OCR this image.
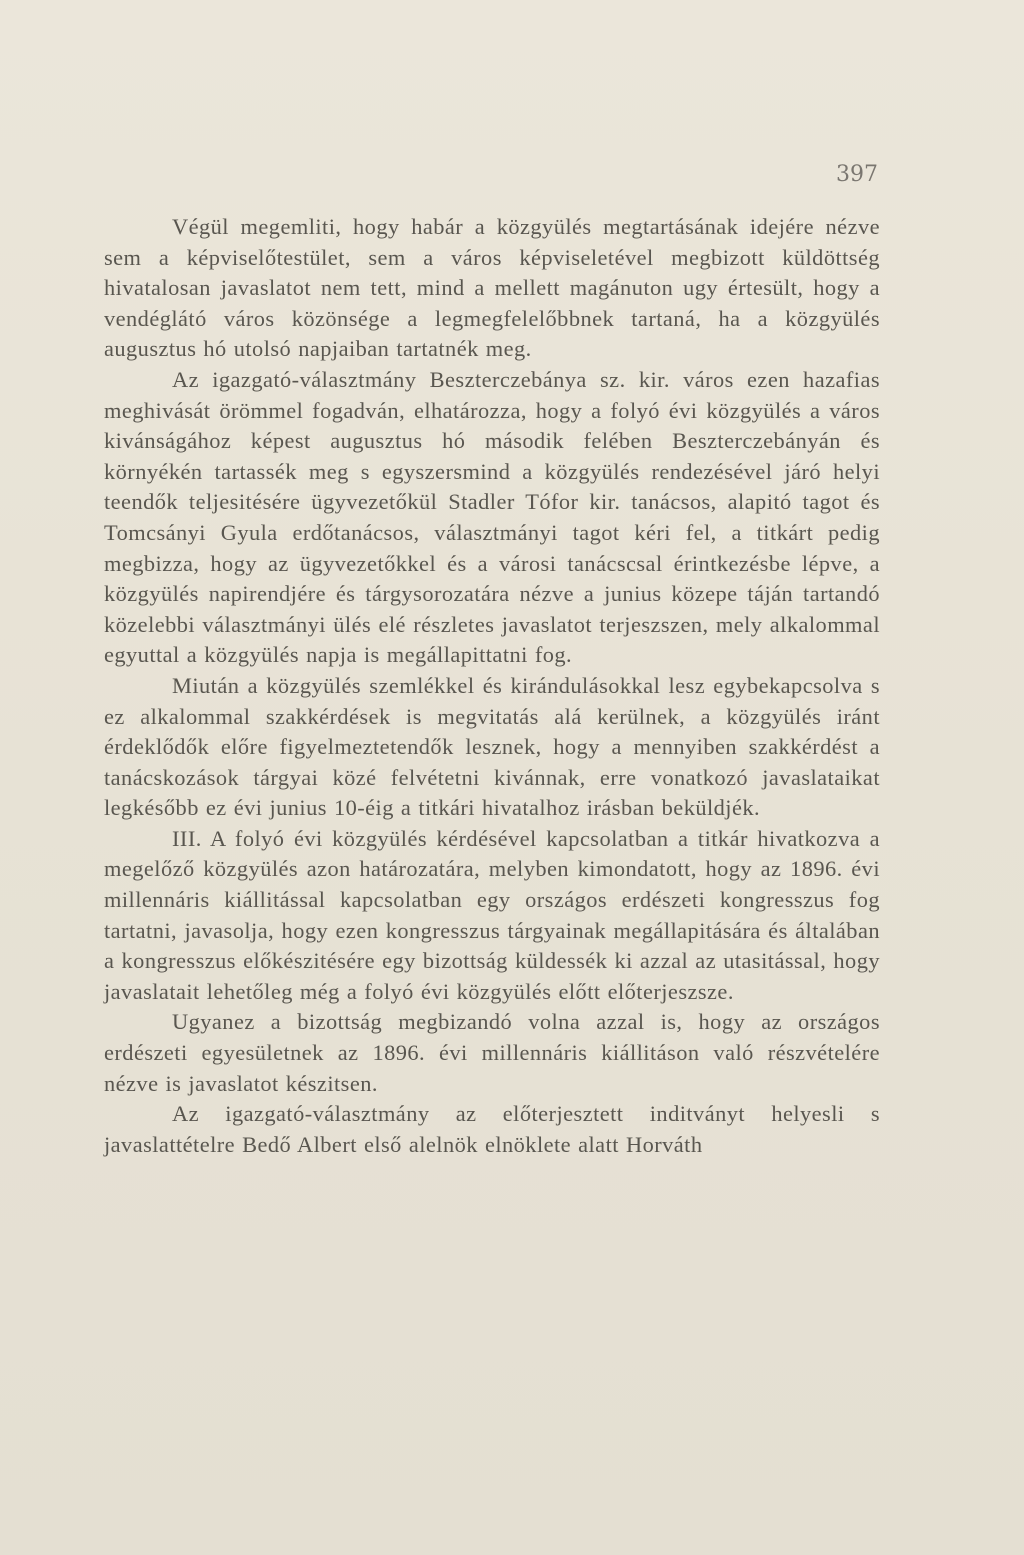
397

Végül megemliti, hogy habár a közgyülés megtartásának idejére nézve sem a képviselőtestület, sem a város képviseletével megbizott küldöttség hivatalosan javaslatot nem tett, mind a mellett magánuton ugy értesült, hogy a vendéglátó város közönsége a legmegfelelőbbnek tartaná, ha a közgyülés augusztus hó utolsó napjaiban tartatnék meg.

Az igazgató-választmány Beszterczebánya sz. kir. város ezen hazafias meghivását örömmel fogadván, elhatározza, hogy a folyó évi közgyülés a város kivánságához képest augusztus hó második felében Beszterczebányán és környékén tartassék meg s egyszersmind a közgyülés rendezésével járó helyi teendők teljesitésére ügyvezetőkül Stadler Tófor kir. tanácsos, alapitó tagot és Tomcsányi Gyula erdőtanácsos, választmányi tagot kéri fel, a titkárt pedig megbizza, hogy az ügyvezetőkkel és a városi tanácscsal érintkezésbe lépve, a közgyülés napirendjére és tárgysorozatára nézve a junius közepe táján tartandó közelebbi választmányi ülés elé részletes javaslatot terjeszszen, mely alkalommal egyuttal a közgyülés napja is megállapittatni fog.

Miután a közgyülés szemlékkel és kirándulásokkal lesz egybekapcsolva s ez alkalommal szakkérdések is megvitatás alá kerülnek, a közgyülés iránt érdeklődők előre figyelmeztetendők lesznek, hogy a mennyiben szakkérdést a tanácskozások tárgyai közé felvétetni kivánnak, erre vonatkozó javaslataikat legkésőbb ez évi junius 10-éig a titkári hivatalhoz irásban beküldjék.

III. A folyó évi közgyülés kérdésével kapcsolatban a titkár hivatkozva a megelőző közgyülés azon határozatára, melyben kimondatott, hogy az 1896. évi millennáris kiállitással kapcsolatban egy országos erdészeti kongresszus fog tartatni, javasolja, hogy ezen kongresszus tárgyainak megállapitására és általában a kongresszus előkészitésére egy bizottság küldessék ki azzal az utasitással, hogy javaslatait lehetőleg még a folyó évi közgyülés előtt előterjeszsze.

Ugyanez a bizottság megbizandó volna azzal is, hogy az országos erdészeti egyesületnek az 1896. évi millennáris kiállitáson való részvételére nézve is javaslatot készitsen.

Az igazgató-választmány az előterjesztett inditványt helyesli s javaslattételre Bedő Albert első alelnök elnöklete alatt Horváth
